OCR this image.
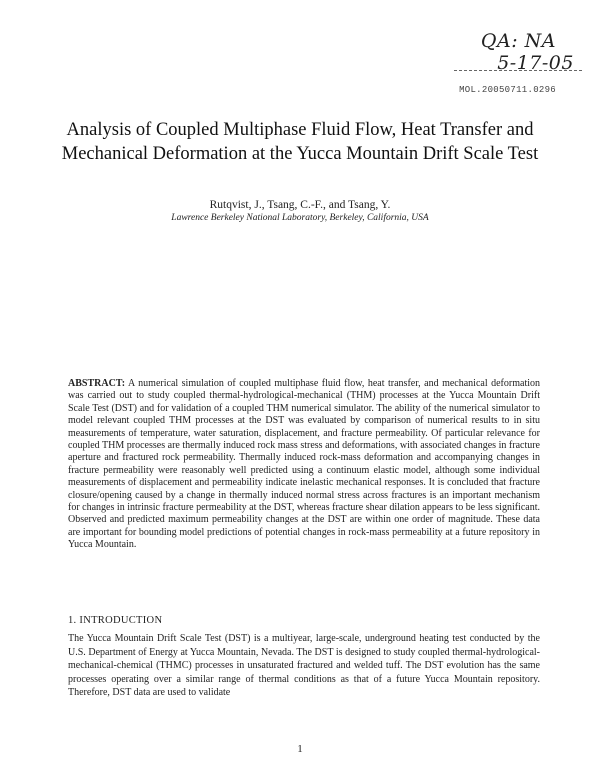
QA: NA
5-17-05
MOL.20050711.0296
Analysis of Coupled Multiphase Fluid Flow, Heat Transfer and
Mechanical Deformation at the Yucca Mountain Drift Scale Test
Rutqvist, J., Tsang, C.-F., and Tsang, Y.
Lawrence Berkeley National Laboratory, Berkeley, California, USA
ABSTRACT: A numerical simulation of coupled multiphase fluid flow, heat transfer, and mechanical deformation was carried out to study coupled thermal-hydrological-mechanical (THM) processes at the Yucca Mountain Drift Scale Test (DST) and for validation of a coupled THM numerical simulator. The ability of the numerical simulator to model relevant coupled THM processes at the DST was evaluated by comparison of numerical results to in situ measurements of temperature, water saturation, displacement, and fracture permeability. Of particular relevance for coupled THM processes are thermally induced rock mass stress and deformations, with associated changes in fracture aperture and fractured rock permeability. Thermally induced rock-mass deformation and accompanying changes in fracture permeability were reasonably well predicted using a continuum elastic model, although some individual measurements of displacement and permeability indicate inelastic mechanical responses. It is concluded that fracture closure/opening caused by a change in thermally induced normal stress across fractures is an important mechanism for changes in intrinsic fracture permeability at the DST, whereas fracture shear dilation appears to be less significant. Observed and predicted maximum permeability changes at the DST are within one order of magnitude. These data are important for bounding model predictions of potential changes in rock-mass permeability at a future repository in Yucca Mountain.
1. INTRODUCTION
The Yucca Mountain Drift Scale Test (DST) is a multiyear, large-scale, underground heating test conducted by the U.S. Department of Energy at Yucca Mountain, Nevada. The DST is designed to study coupled thermal-hydrological-mechanical-chemical (THMC) processes in unsaturated fractured and welded tuff. The DST evolution has the same processes operating over a similar range of thermal conditions as that of a future Yucca Mountain repository. Therefore, DST data are used to validate
1
